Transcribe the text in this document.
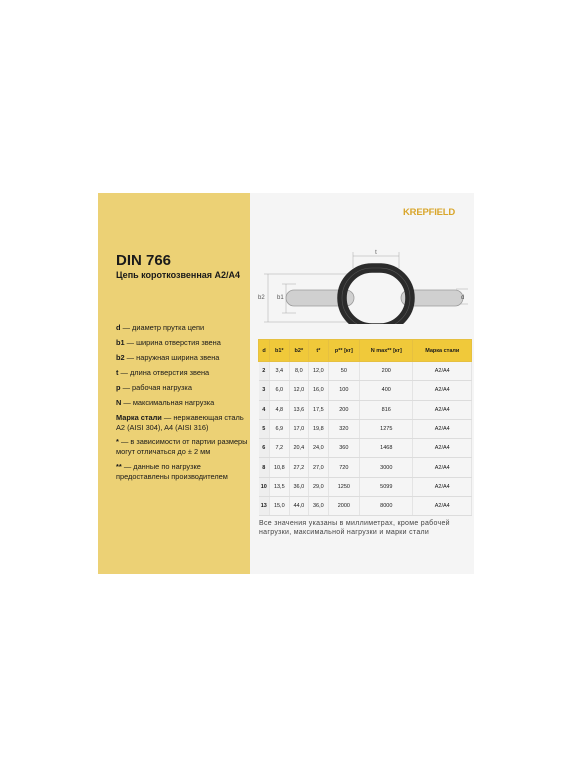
DIN 766
Цепь короткозвенная A2/A4

d — диаметр прутка цепи

b1 — ширина отверстия звена

b2 — наружная ширина звена

t — длина отверстия звена

p — рабочая нагрузка

N — максимальная нагрузка

Марка стали — нержавеющая сталь A2 (AISI 304), A4 (AISI 316)

* — в зависимости от партии размеры могут отличаться до ± 2 мм

** — данные по нагрузке предоставлены производителем

KREPFIELD
t
b2 b1	d
d	b1*	b2*	t*	p** [кг]	N max** [кг]	Марка стали
2	3,4	8,0	12,0	50	200	A2/A4
3	6,0	12,0	16,0	100	400	A2/A4
4	4,8	13,6	17,5	200	816	A2/A4
5	6,9	17,0	19,8	320	1275	A2/A4
6	7,2	20,4	24,0	360	1468	A2/A4
8	10,8	27,2	27,0	720	3000	A2/A4
10	13,5	36,0	29,0	1250	5099	A2/A4
13	15,0	44,0	36,0	2000	8000	A2/A4
Все значения указаны в миллиметрах, кроме рабочей нагрузки, максимальной нагрузки и марки стали
